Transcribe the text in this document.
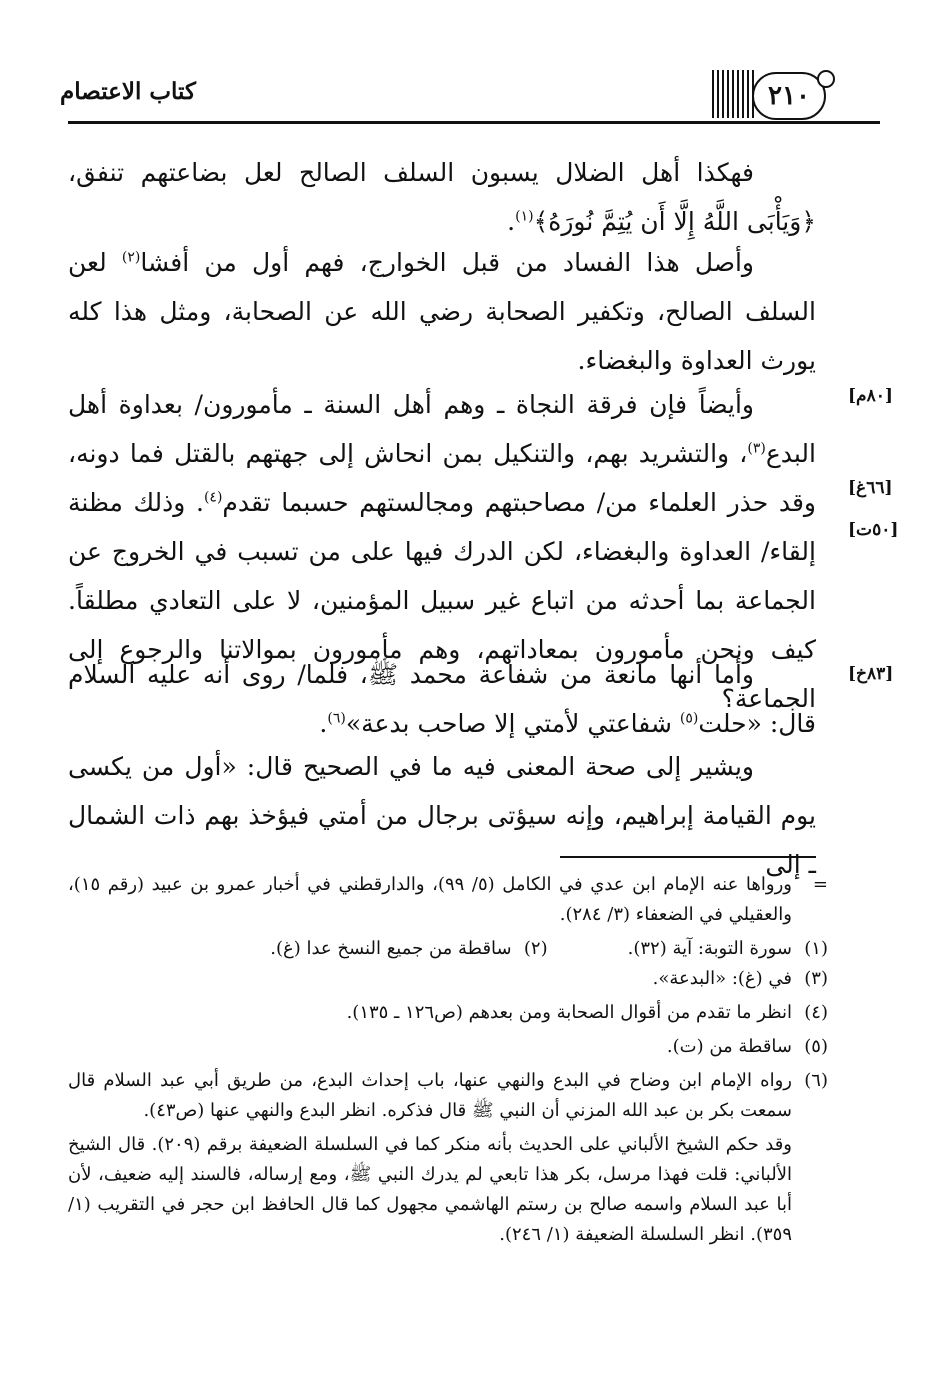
كتاب الاعتصام	٢١٠
[٨٠م]
[٦٦غ]
[٥٠ت]
[٨٣خ]

فهكذا أهل الضلال يسبون السلف الصالح لعل بضاعتهم تنفق، ﴿وَيَأْبَى اللَّهُ إِلَّا أَن يُتِمَّ نُورَهُ﴾$^{(١)}$.

وأصل هذا الفساد من قبل الخوارج، فهم أول من أفشا$^{(٢)}$ لعن السلف الصالح، وتكفير الصحابة رضي الله عن الصحابة، ومثل هذا كله يورث العداوة والبغضاء.

وأيضاً فإن فرقة النجاة ـ وهم أهل السنة ـ مأمورون/ بعداوة أهل البدع$^{(٣)}$، والتشريد بهم، والتنكيل بمن انحاش إلى جهتهم بالقتل فما دونه، وقد حذر العلماء من/ مصاحبتهم ومجالستهم حسبما تقدم$^{(٤)}$. وذلك مظنة إلقاء/ العداوة والبغضاء، لكن الدرك فيها على من تسبب في الخروج عن الجماعة بما أحدثه من اتباع غير سبيل المؤمنين، لا على التعادي مطلقاً. كيف ونحن مأمورون بمعاداتهم، وهم مأمورون بموالاتنا والرجوع إلى الجماعة؟

وأما أنها مانعة من شفاعة محمد ﷺ، فلما/ روى أنه عليه السلام قال: «حلت$^{(٥)}$ شفاعتي لأمتي إلا صاحب بدعة»$^{(٦)}$.

ويشير إلى صحة المعنى فيه ما في الصحيح قال: «أول من يكسى يوم القيامة إبراهيم، وإنه سيؤتى برجال من أمتي فيؤخذ بهم ذات الشمال ـ إلى

=
ورواها عنه الإمام ابن عدي في الكامل (٥/ ٩٩)، والدارقطني في أخبار عمرو بن عبيد (رقم ١٥)، والعقيلي في الضعفاء (٣/ ٢٨٤).
(١)
سورة التوبة: آية (٣٢).
(٢)
ساقطة من جميع النسخ عدا (غ).
(٣)
في (غ): «البدعة».
(٤)
انظر ما تقدم من أقوال الصحابة ومن بعدهم (ص١٢٦ ـ ١٣٥).
(٥)
ساقطة من (ت).
(٦)
رواه الإمام ابن وضاح في البدع والنهي عنها، باب إحداث البدع، من طريق أبي عبد السلام قال سمعت بكر بن عبد الله المزني أن النبي ﷺ قال فذكره. انظر البدع والنهي عنها (ص٤٣).
وقد حكم الشيخ الألباني على الحديث بأنه منكر كما في السلسلة الضعيفة برقم (٢٠٩). قال الشيخ الألباني: قلت فهذا مرسل، بكر هذا تابعي لم يدرك النبي ﷺ، ومع إرساله، فالسند إليه ضعيف، لأن أبا عبد السلام واسمه صالح بن رستم الهاشمي مجهول كما قال الحافظ ابن حجر في التقريب (١/ ٣٥٩). انظر السلسلة الضعيفة (١/ ٢٤٦).
